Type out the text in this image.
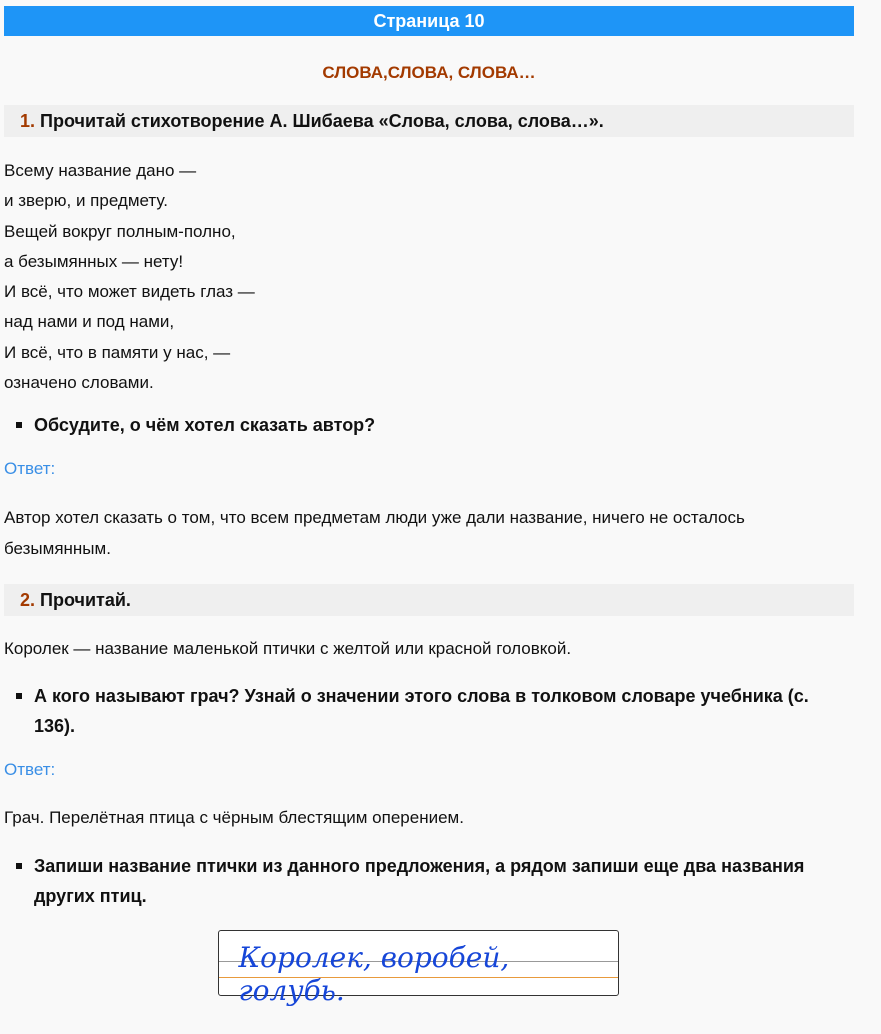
Страница 10
СЛОВА,СЛОВА, СЛОВА…
1. Прочитай стихотворение А. Шибаева «Слова, слова, слова…».
Всему название дано —
и зверю, и предмету.
Вещей вокруг полным-полно,
а безымянных — нету!
И всё, что может видеть глаз —
над нами и под нами,
И всё, что в памяти у нас, —
означено словами.
Обсудите, о чём хотел сказать автор?
Ответ:
Автор хотел сказать о том, что всем предметам люди уже дали название, ничего не осталось безымянным.
2. Прочитай.
Королек — название маленькой птички с желтой или красной головкой.
А кого называют грач? Узнай о значении этого слова в толковом словаре учебника (с. 136).
Ответ:
Грач. Перелётная птица с чёрным блестящим оперением.
Запиши название птички из данного предложения, а рядом запиши еще два названия других птиц.
Королек, воробей, голубь.
